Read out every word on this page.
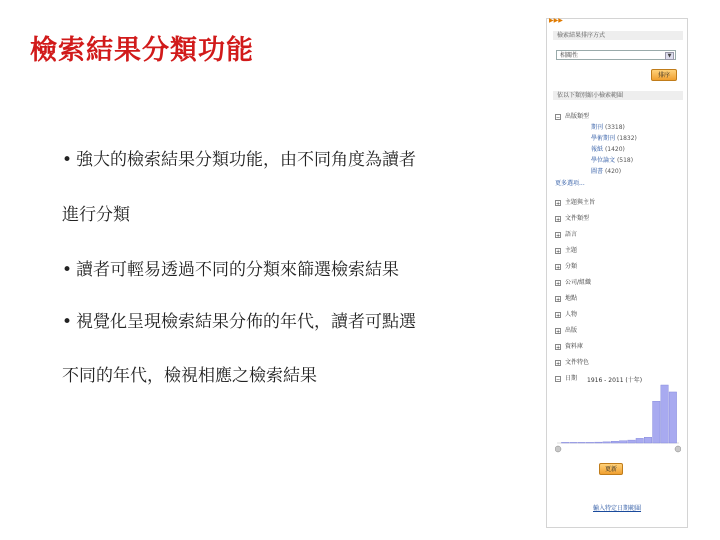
檢索結果分類功能
• 強大的檢索結果分類功能，由不同角度為讀者
進行分類
• 讀者可輕易透過不同的分類來篩選檢索結果
• 視覺化呈現檢索結果分佈的年代，讀者可點選
不同的年代，檢視相應之檢索結果
▶▶▶
檢索結果排序方式
相關性	▼
排序
依以下類別縮小檢索範圍
− 出版類型
期刊 (3318)
學術期刊 (1832)
報紙 (1420)
學位論文 (518)
圖書 (420)
更多選項...
+ 主題與主旨
+ 文件類型
+ 語言
+ 主題
+ 分類
+ 公司/組織
+ 地點
+ 人物
+ 出版
+ 資料庫
+ 文件特色
− 日期 1916 - 2011 (十年)
更新
輸入特定日期範圍
